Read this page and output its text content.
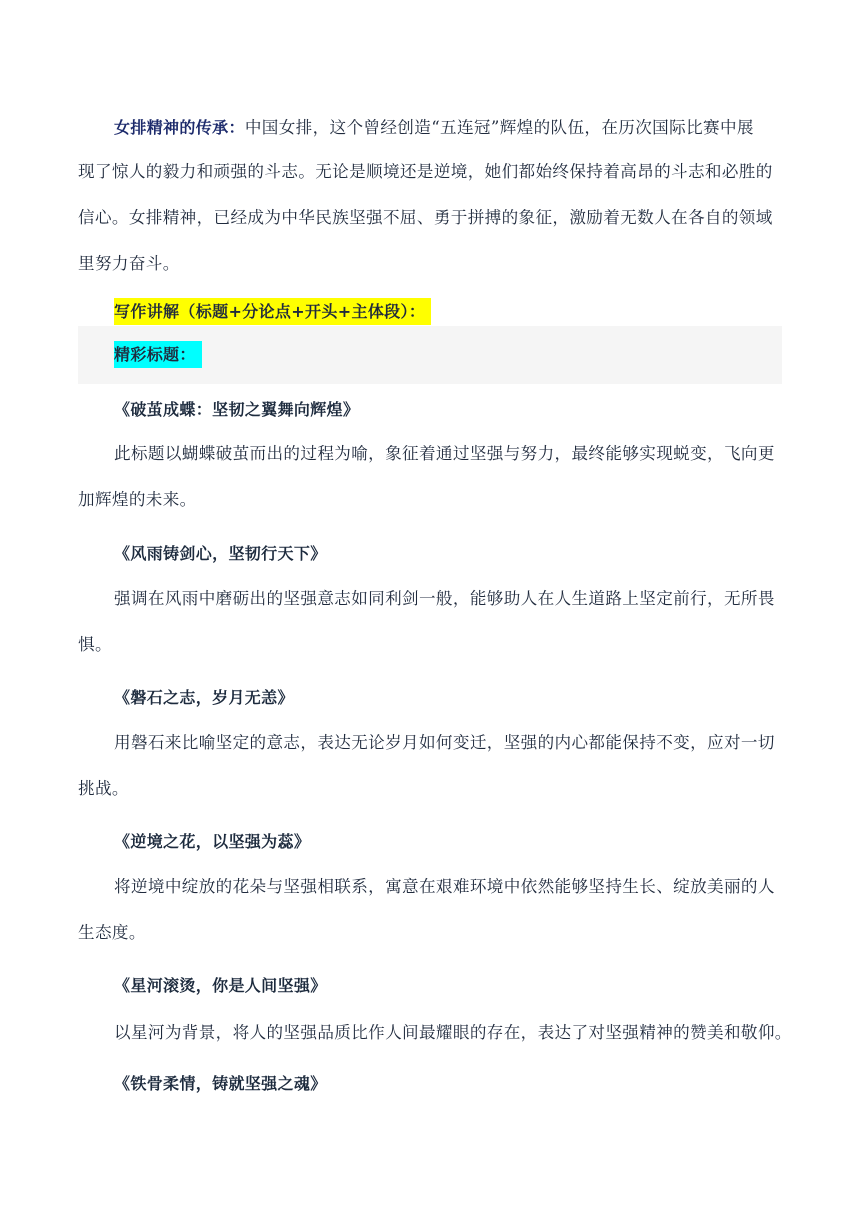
女排精神的传承：中国女排，这个曾经创造“五连冠”辉煌的队伍，在历次国际比赛中展
现了惊人的毅力和顽强的斗志。无论是顺境还是逆境，她们都始终保持着高昂的斗志和必胜的
信心。女排精神，已经成为中华民族坚强不屈、勇于拼搏的象征，激励着无数人在各自的领域
里努力奋斗。
写作讲解（标题+分论点+开头+主体段）：
精彩标题：
《破茧成蝶：坚韧之翼舞向辉煌》
此标题以蝴蝶破茧而出的过程为喻，象征着通过坚强与努力，最终能够实现蜕变，飞向更
加辉煌的未来。
《风雨铸剑心，坚韧行天下》
强调在风雨中磨砺出的坚强意志如同利剑一般，能够助人在人生道路上坚定前行，无所畏
惧。
《磐石之志，岁月无恙》
用磐石来比喻坚定的意志，表达无论岁月如何变迁，坚强的内心都能保持不变，应对一切
挑战。
《逆境之花，以坚强为蕊》
将逆境中绽放的花朵与坚强相联系，寓意在艰难环境中依然能够坚持生长、绽放美丽的人
生态度。
《星河滚烫，你是人间坚强》
以星河为背景，将人的坚强品质比作人间最耀眼的存在，表达了对坚强精神的赞美和敬仰。
《铁骨柔情，铸就坚强之魂》
